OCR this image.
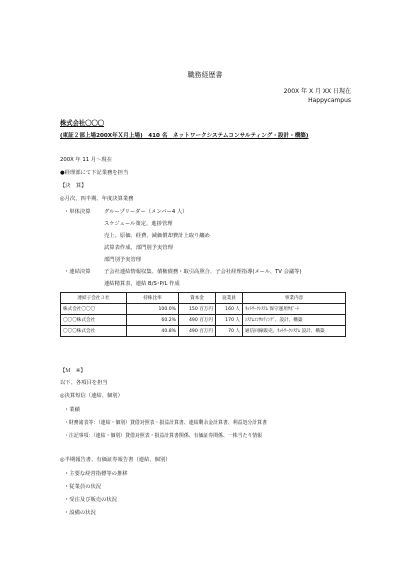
職務経歴書
200X 年 X 月 XX 日現在
Happycampus
株式会社〇〇〇
(東証２部上場200X年Ｘ月上場)　410 名　ネットワークシステムコンサルティング・設計・構築)
200X 年 11 月～現在
●経理部にて下記業務を担当
【決　算】
◎月次、四半期、年度決算業務
・単体決算	グループリーダー（メンバー4 人）
スケジュール策定、進捗管理
売上、原価、経費、減価償却費計上取り纏め
試算表作成、部門別予実管理
部門別予実管理
・連結決算	子会社連結情報収集、債権債務・取引高照合、子会社経理指導(メール、TV 会議等)
連結精算表、連結 B/S･P/L 作成
連結子会社３社	持株比率	資本金	従業員	事業内容
株式会社〇〇〇	100.0%	150 百万円	160 人	ﾈｯﾄﾜｰｸｼｽﾃﾑ 保守運用ｻﾎﾟｰﾄ
〇〇〇株式会社	60.2%	490 百万円	170 人	ｼｽﾃﾑｺﾝｻﾙﾃｨﾝｸﾞ、設計、構築
〇〇〇株式会社	40.8%	490 百万円	70 人	通信回線販売、ﾈｯﾄﾜｰｸｼｽﾃﾑ 設計、構築
【Ｍ　※】
以下、各項目を担当
◎決算短信（連結、個別）
・業績
・財務諸表等：（連結・個別）貸借対照表・損益計算書、連結剰余金計算書、利益処分計算書
・注記事項：（連結・個別）貸借対照表・損益計算書関係、有価証券関係、一株当たり情報
◎半期報告書、有価証券報告書（連結、個別）
・主要な経営指標等の推移
・従業員の状況
・受注及び販売の状況
・設備の状況
